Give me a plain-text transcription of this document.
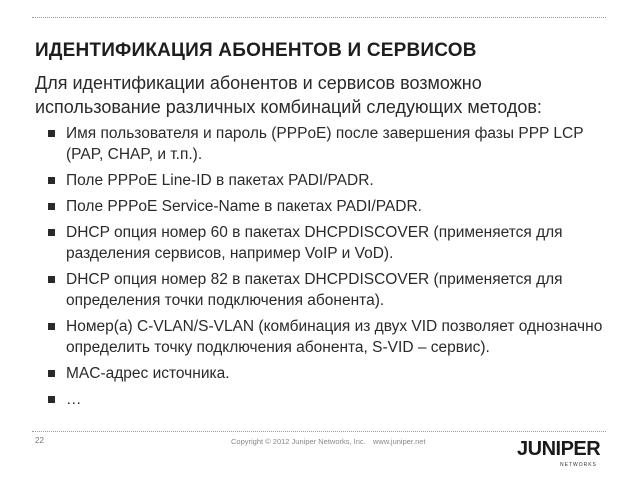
ИДЕНТИФИКАЦИЯ АБОНЕНТОВ И СЕРВИСОВ
Для идентификации абонентов и сервисов возможно
использование различных комбинаций следующих методов:
Имя пользователя и пароль (PPPoE) после завершения фазы PPP LCP (PAP, CHAP, и т.п.).
Поле PPPoE Line-ID в пакетах PADI/PADR.
Поле PPPoE Service-Name в пакетах PADI/PADR.
DHCP опция номер 60 в пакетах DHCPDISCOVER (применяется для разделения сервисов, например VoIP и VoD).
DHCP опция номер 82 в пакетах DHCPDISCOVER (применяется для определения точки подключения абонента).
Номер(а) C-VLAN/S-VLAN (комбинация из двух VID позволяет однозначно определить точку подключения абонента, S-VID – сервис).
MAC-адрес источника.
…
22	Copyright © 2012 Juniper Networks, Inc. www.juniper.net	JUNIPER
NETWORKS
